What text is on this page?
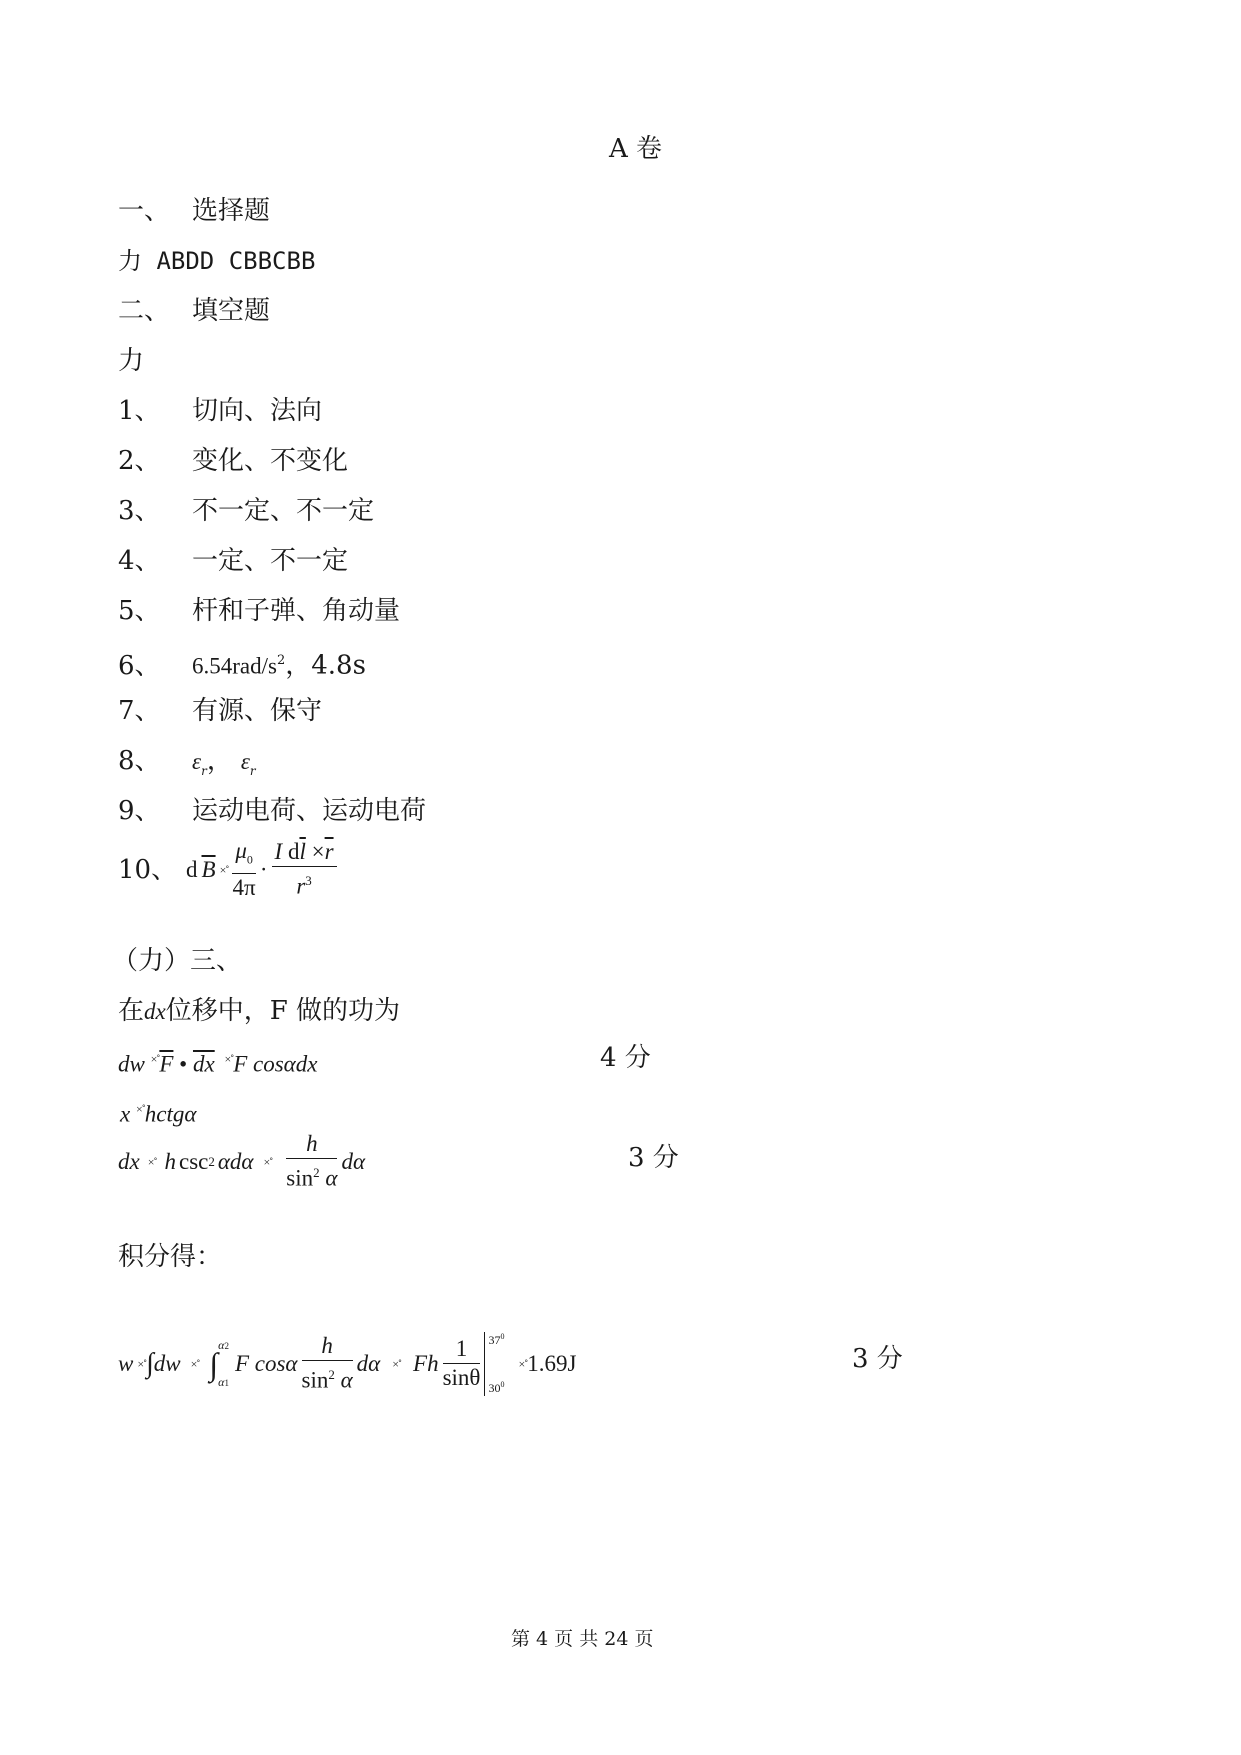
A 卷
一、 选择题
力 ABDD CBBCBB
二、 填空题
力
1、 切向、法向
2、 变化、不变化
3、 不一定、不一定
4、 一定、不一定
5、 杆和子弹、角动量
6、 $6.54rad/s^2$，4.8s
7、 有源、保守
8、 $\varepsilon_r$， $\varepsilon_r$
9、 运动电荷、运动电荷
10、 d $\overline{B}$ ×˚ $\frac{\mu_0}{4\pi} \cdot \frac{I d\overline{l} \times\overline{r}}{r^3}$
（力）三、
在dx位移中，F 做的功为
dw $^{\times˚}\overline{F}$ • $\overline{dx}$ ×˚F cosαdx	4 分
x ×˚hctgα
dx ×˚ h csc 2 αdα ×˚ $\frac{h}{\sin^2 \alpha}$ dα	3 分
积分得：
w ×˚ ∫ dw ×˚ ∫
α2
α1
F cosα $\frac{h}{\sin^2 \alpha}$ dα ×˚ Fh $\frac{1}{\sin\theta} 37^0$
$30^0$
×˚ 1.69J	3 分
第 4 页 共 24 页
